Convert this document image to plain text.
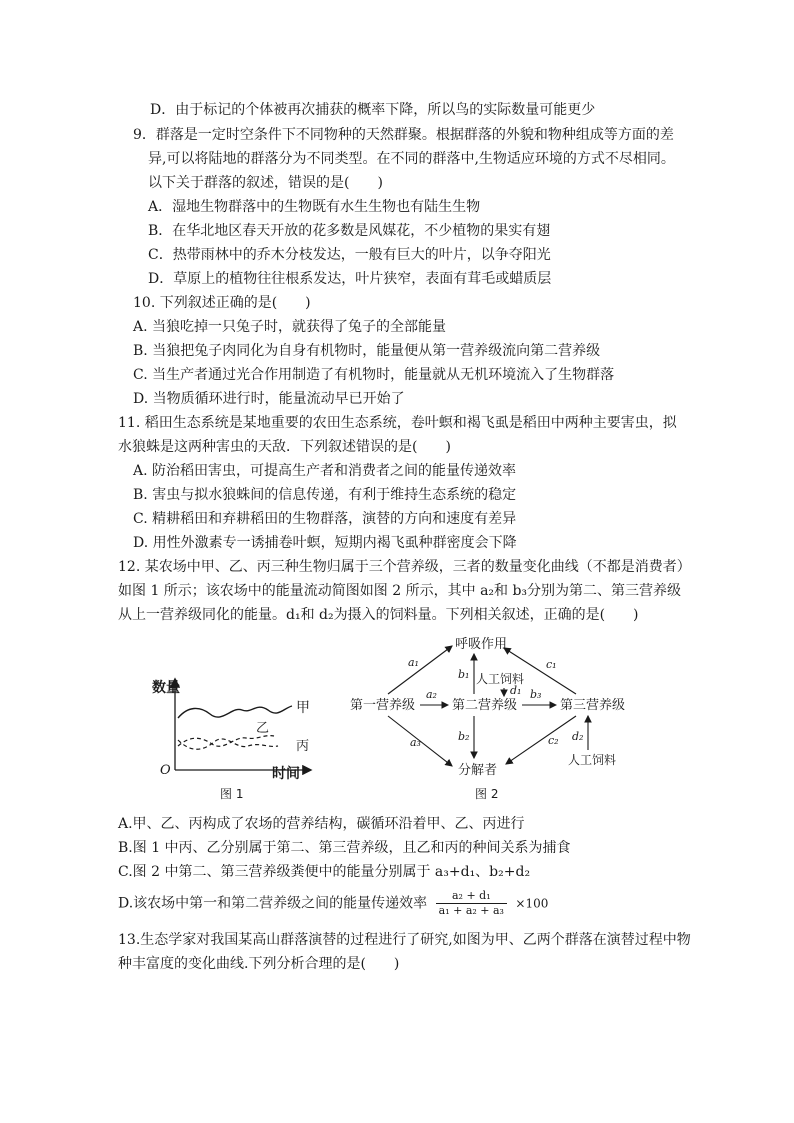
D．由于标记的个体被再次捕获的概率下降，所以鸟的实际数量可能更少
9．群落是一定时空条件下不同物种的天然群聚。根据群落的外貌和物种组成等方面的差
异,可以将陆地的群落分为不同类型。在不同的群落中,生物适应环境的方式不尽相同。
以下关于群落的叙述，错误的是(　　)
A．湿地生物群落中的生物既有水生生物也有陆生生物
B．在华北地区春天开放的花多数是风媒花，不少植物的果实有翅
C．热带雨林中的乔木分枝发达，一般有巨大的叶片，以争夺阳光
D．草原上的植物往往根系发达，叶片狭窄，表面有茸毛或蜡质层
10. 下列叙述正确的是(　　)
A. 当狼吃掉一只兔子时，就获得了兔子的全部能量
B. 当狼把兔子肉同化为自身有机物时，能量便从第一营养级流向第二营养级
C. 当生产者通过光合作用制造了有机物时，能量就从无机环境流入了生物群落
D. 当物质循环进行时，能量流动早已开始了
11. 稻田生态系统是某地重要的农田生态系统，卷叶螟和褐飞虱是稻田中两种主要害虫，拟
水狼蛛是这两种害虫的天敌．下列叙述错误的是(　　)
A. 防治稻田害虫，可提高生产者和消费者之间的能量传递效率
B. 害虫与拟水狼蛛间的信息传递，有利于维持生态系统的稳定
C. 精耕稻田和弃耕稻田的生物群落，演替的方向和速度有差异
D. 用性外激素专一诱捕卷叶螟，短期内褐飞虱种群密度会下降
12. 某农场中甲、乙、丙三种生物归属于三个营养级，三者的数量变化曲线（不都是消费者）
如图 1 所示；该农场中的能量流动简图如图 2 所示，其中 a₂和 b₃分别为第二、第三营养级
从上一营养级同化的能量。d₁和 d₂为摄入的饲料量。下列相关叙述，正确的是(　　)
数量
甲
乙
丙
O	时间
图 1
呼吸作用
人工饲料
第一营养级	第二营养级	第三营养级
人工饲料
分解者
图 2
a₁
a₂
a₃
b₁
d₁ b₃
b₂
c₁
c₂ d₂
A.甲、乙、丙构成了农场的营养结构，碳循环沿着甲、乙、丙进行
B.图 1 中丙、乙分别属于第二、第三营养级，且乙和丙的种间关系为捕食
C.图 2 中第二、第三营养级粪便中的能量分别属于 a₃+d₁、b₂+d₂
D.该农场中第一和第二营养级之间的能量传递效率 $\frac{\text{a₂ + d₁}}{\text{a₁ + a₂ + a₃}} \times 100$
13.生态学家对我国某高山群落演替的过程进行了研究,如图为甲、乙两个群落在演替过程中物
种丰富度的变化曲线.下列分析合理的是(　　)
